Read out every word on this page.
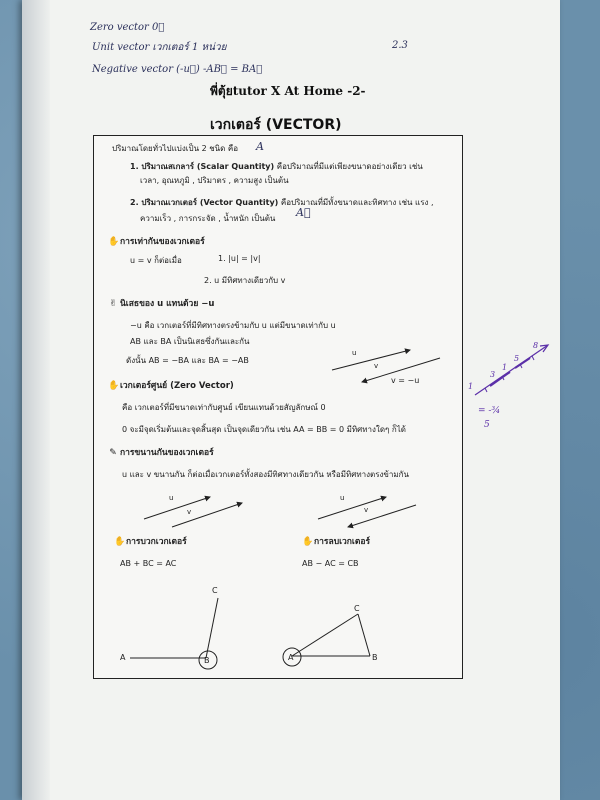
Zero vector 0⃗
Unit vector เวกเตอร์ 1 หน่วย
Negative vector (-u⃗) -AB⃗ = BA⃗
2.3
พี่ตุ้ยtutor X At Home -2-
เวกเตอร์ (VECTOR)
1
3
1
5
8
= -¾
5
ปริมาณโดยทั่วไปแบ่งเป็น 2 ชนิด คือ A
1. ปริมาณสเกลาร์ (Scalar Quantity) คือปริมาณที่มีแต่เพียงขนาดอย่างเดียว เช่น
เวลา, อุณหภูมิ , ปริมาตร , ความสูง เป็นต้น
2. ปริมาณเวกเตอร์ (Vector Quantity) คือปริมาณที่มีทั้งขนาดและทิศทาง เช่น แรง ,
ความเร็ว , การกระจัด , น้ำหนัก เป็นต้น A⃗
✋การเท่ากันของเวกเตอร์
u = v ก็ต่อเมื่อ	1. |u| = |v|
2. u มีทิศทางเดียวกับ v
✌ นิเสธของ u แทนด้วย −u
−u คือ เวกเตอร์ที่มีทิศทางตรงข้ามกับ u แต่มีขนาดเท่ากับ u
AB และ BA เป็นนิเสธซึ่งกันและกัน
ดังนั้น AB = −BA และ BA = −AB
u
v
v = −u
✋เวกเตอร์ศูนย์ (Zero Vector)
คือ เวกเตอร์ที่มีขนาดเท่ากับศูนย์ เขียนแทนด้วยสัญลักษณ์ 0
0 จะมีจุดเริ่มต้นและจุดสิ้นสุด เป็นจุดเดียวกัน เช่น AA = BB = 0 มีทิศทางใดๆ ก็ได้
✎ การขนานกันของเวกเตอร์
u และ v ขนานกัน ก็ต่อเมื่อเวกเตอร์ทั้งสองมีทิศทางเดียวกัน หรือมีทิศทางตรงข้ามกัน
u
v
u
v
✋การบวกเวกเตอร์
AB + BC = AC
✋การลบเวกเตอร์
AB − AC = CB
A	B
C
A	B
C
